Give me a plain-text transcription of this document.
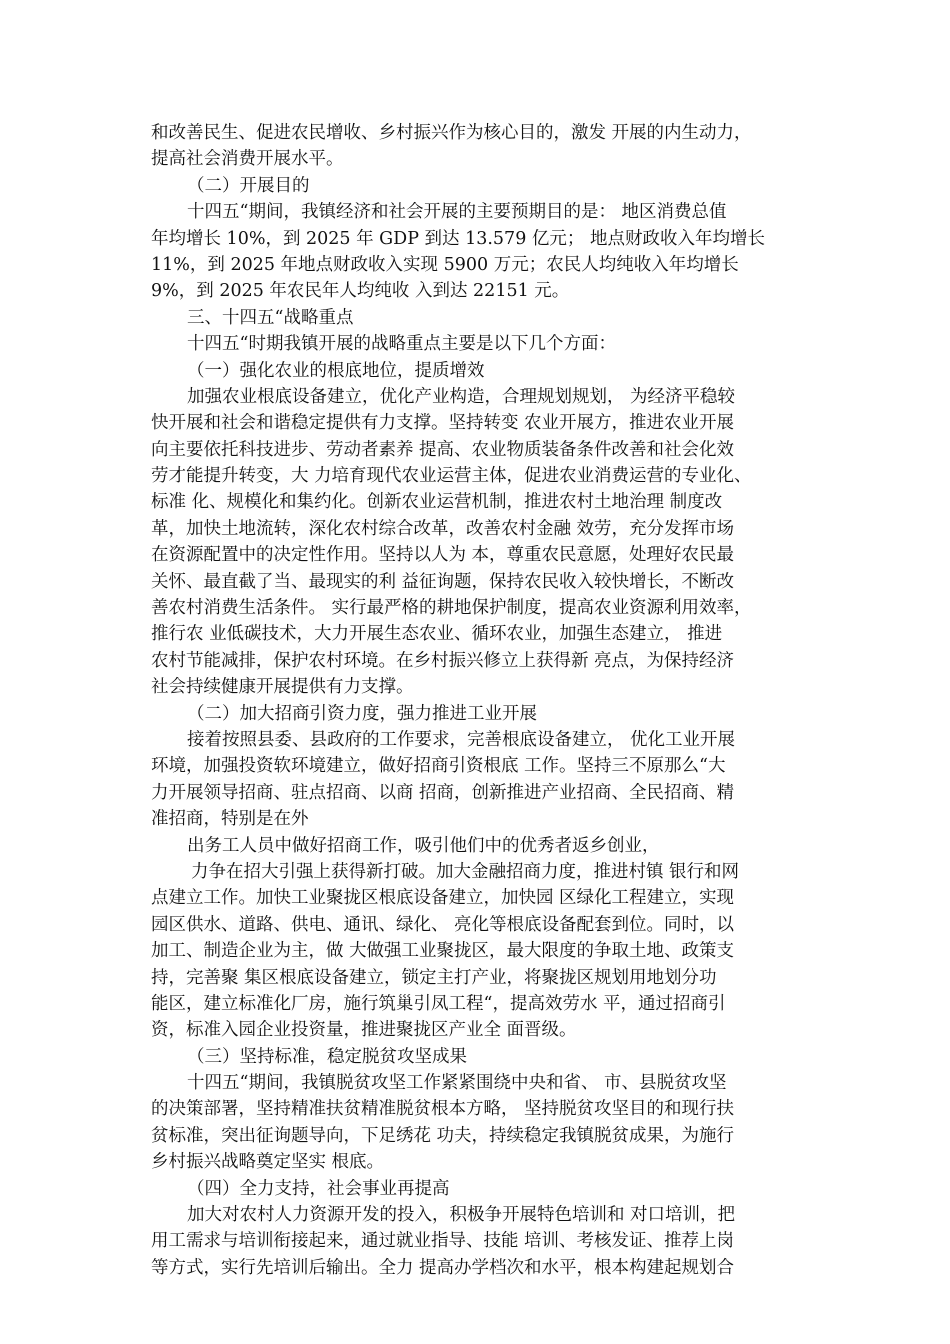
和改善民生、促进农民增收、乡村振兴作为核心目的，激发 开展的内生动力，
提高社会消费开展水平。
（二）开展目的
十四五“期间，我镇经济和社会开展的主要预期目的是： 地区消费总值
年均增长 10%，到 2025 年 GDP 到达 13.579 亿元； 地点财政收入年均增长
11%，到 2025 年地点财政收入实现 5900 万元；农民人均纯收入年均增长
9%，到 2025 年农民年人均纯收 入到达 22151 元。
三、十四五“战略重点
十四五“时期我镇开展的战略重点主要是以下几个方面：
（一）强化农业的根底地位，提质增效
加强农业根底设备建立，优化产业构造，合理规划规划， 为经济平稳较
快开展和社会和谐稳定提供有力支撑。坚持转变 农业开展方，推进农业开展
向主要依托科技进步、劳动者素养 提高、农业物质装备条件改善和社会化效
劳才能提升转变，大 力培育现代农业运营主体，促进农业消费运营的专业化、
标准 化、规模化和集约化。创新农业运营机制，推进农村土地治理 制度改
革，加快土地流转，深化农村综合改革，改善农村金融 效劳，充分发挥市场
在资源配置中的决定性作用。坚持以人为 本，尊重农民意愿，处理好农民最
关怀、最直截了当、最现实的利 益征询题，保持农民收入较快增长，不断改
善农村消费生活条件。 实行最严格的耕地保护制度，提高农业资源利用效率，
推行农 业低碳技术，大力开展生态农业、循环农业，加强生态建立， 推进
农村节能减排，保护农村环境。在乡村振兴修立上获得新 亮点，为保持经济
社会持续健康开展提供有力支撑。
（二）加大招商引资力度，强力推进工业开展
接着按照县委、县政府的工作要求，完善根底设备建立， 优化工业开展
环境，加强投资软环境建立，做好招商引资根底 工作。坚持三不原那么“大
力开展领导招商、驻点招商、以商 招商，创新推进产业招商、全民招商、精
准招商，特别是在外
出务工人员中做好招商工作，吸引他们中的优秀者返乡创业，
力争在招大引强上获得新打破。加大金融招商力度，推进村镇 银行和网
点建立工作。加快工业聚拢区根底设备建立，加快园 区绿化工程建立，实现
园区供水、道路、供电、通讯、绿化、 亮化等根底设备配套到位。同时，以
加工、制造企业为主，做 大做强工业聚拢区，最大限度的争取土地、政策支
持，完善聚 集区根底设备建立，锁定主打产业，将聚拢区规划用地划分功
能区，建立标准化厂房，施行筑巢引凤工程“，提高效劳水 平，通过招商引
资，标准入园企业投资量，推进聚拢区产业全 面晋级。
（三）坚持标准，稳定脱贫攻坚成果
十四五“期间，我镇脱贫攻坚工作紧紧围绕中央和省、 市、县脱贫攻坚
的决策部署，坚持精准扶贫精准脱贫根本方略， 坚持脱贫攻坚目的和现行扶
贫标准，突出征询题导向，下足绣花 功夫，持续稳定我镇脱贫成果，为施行
乡村振兴战略奠定坚实 根底。
（四）全力支持，社会事业再提高
加大对农村人力资源开发的投入，积极争开展特色培训和 对口培训，把
用工需求与培训衔接起来，通过就业指导、技能 培训、考核发证、推荐上岗
等方式，实行先培训后输出。全力 提高办学档次和水平，根本构建起规划合
